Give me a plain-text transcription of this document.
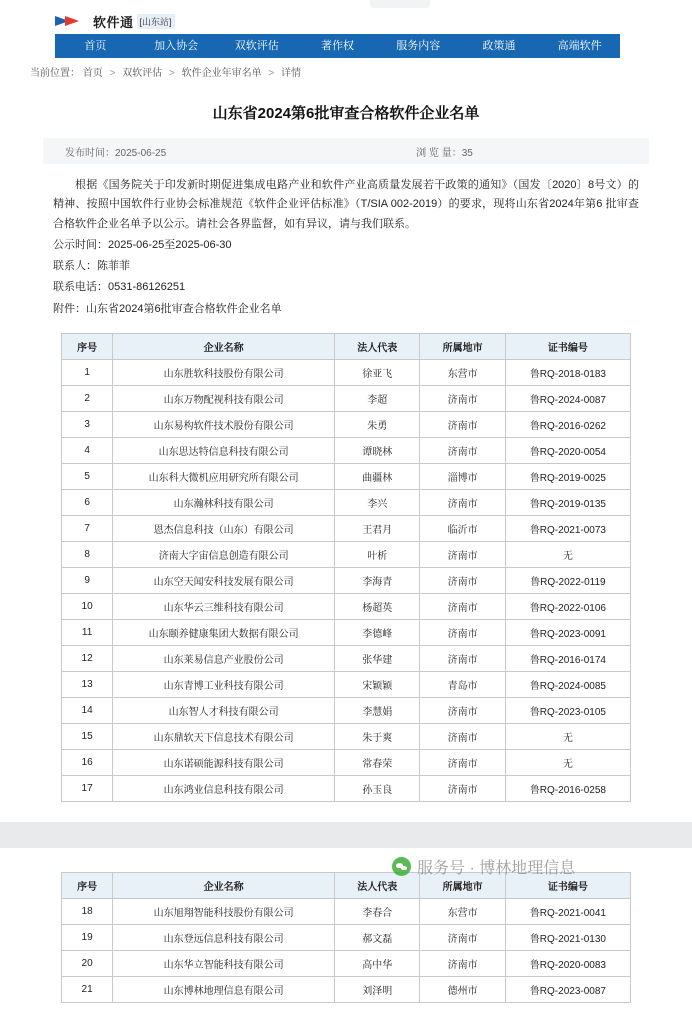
软件通 [山东站]
首页	加入协会	双软评估	著作权	服务内容	政策通	高端软件
当前位置： 首页 > 双软评估 > 软件企业年审名单 > 详情
山东省2024第6批审查合格软件企业名单
发布时间：2025-06-25	浏 览 量：35

根据《国务院关于印发新时期促进集成电路产业和软件产业高质量发展若干政策的通知》（国发〔2020〕8号文）的精神、按照中国软件行业协会标准规范《软件企业评估标准》（T/SIA 002-2019）的要求，现将山东省2024年第6 批审查合格软件企业名单予以公示。请社会各界监督，如有异议，请与我们联系。

公示时间：2025-06-25至2025-06-30

联系人：陈菲菲

联系电话：0531-86126251

附件：山东省2024第6批审查合格软件企业名单

序号	企业名称	法人代表	所属地市	证书编号
1	山东胜软科技股份有限公司	徐亚飞	东营市	鲁RQ-2018-0183
2	山东万物配视科技有限公司	李超	济南市	鲁RQ-2024-0087
3	山东易构软件技术股份有限公司	朱勇	济南市	鲁RQ-2016-0262
4	山东思达特信息科技有限公司	谭晓林	济南市	鲁RQ-2020-0054
5	山东科大微机应用研究所有限公司	曲疆林	淄博市	鲁RQ-2019-0025
6	山东瀚林科技有限公司	李兴	济南市	鲁RQ-2019-0135
7	恩杰信息科技（山东）有限公司	王君月	临沂市	鲁RQ-2021-0073
8	济南大字宙信息创造有限公司	叶析	济南市	无
9	山东空天闻安科技发展有限公司	李海青	济南市	鲁RQ-2022-0119
10	山东华云三维科技有限公司	杨超英	济南市	鲁RQ-2022-0106
11	山东颐养健康集团大数据有限公司	李德峰	济南市	鲁RQ-2023-0091
12	山东莱易信息产业股份公司	张华建	济南市	鲁RQ-2016-0174
13	山东青博工业科技有限公司	宋颖颖	青岛市	鲁RQ-2024-0085
14	山东智人才科技有限公司	李慧娟	济南市	鲁RQ-2023-0105
15	山东鼎软天下信息技术有限公司	朱于爽	济南市	无
16	山东诺硕能源科技有限公司	常春荣	济南市	无
17	山东鸿业信息科技有限公司	孙玉良	济南市	鲁RQ-2016-0258
序号	企业名称	法人代表	所属地市	证书编号
18	山东旭翔智能科技股份有限公司	李春合	东营市	鲁RQ-2021-0041
19	山东登远信息科技有限公司	郝文磊	济南市	鲁RQ-2021-0130
20	山东华立智能科技有限公司	高中华	济南市	鲁RQ-2020-0083
21	山东博林地理信息有限公司	刘泽明	德州市	鲁RQ-2023-0087
服务号 · 博林地理信息
